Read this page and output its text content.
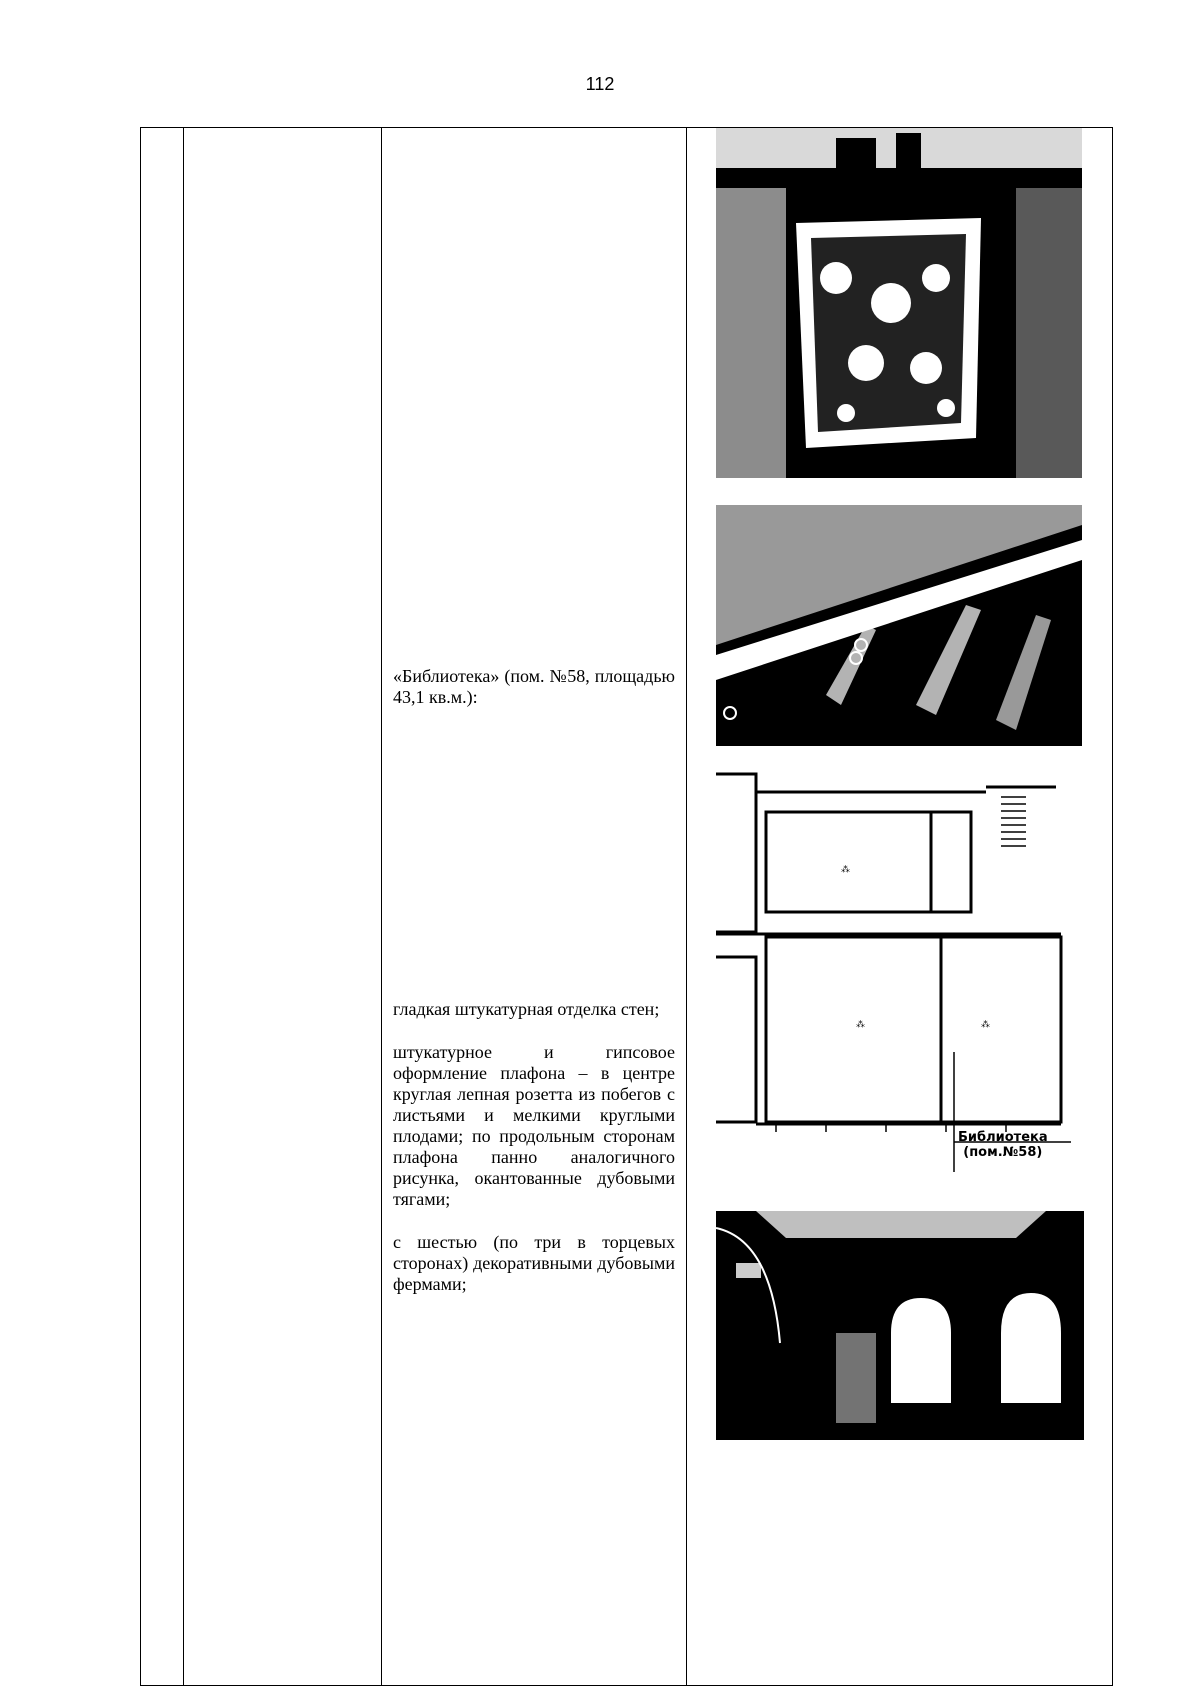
112

«Библиотека» (пом. №58, площадью 43,1 кв.м.):

гладкая штукатурная отделка стен;

штукатурное и гипсовое оформление плафона – в центре круглая лепная розетта из побегов с листьями и мелкими круглыми плодами; по продольным сторонам плафона панно аналогичного рисунка, окантованные дубовыми тягами;

с шестью (по три в торцевых сторонах) декоративными дубовыми фермами;

⁂
⁂	⁂
Библиотека
(пом.№58)
